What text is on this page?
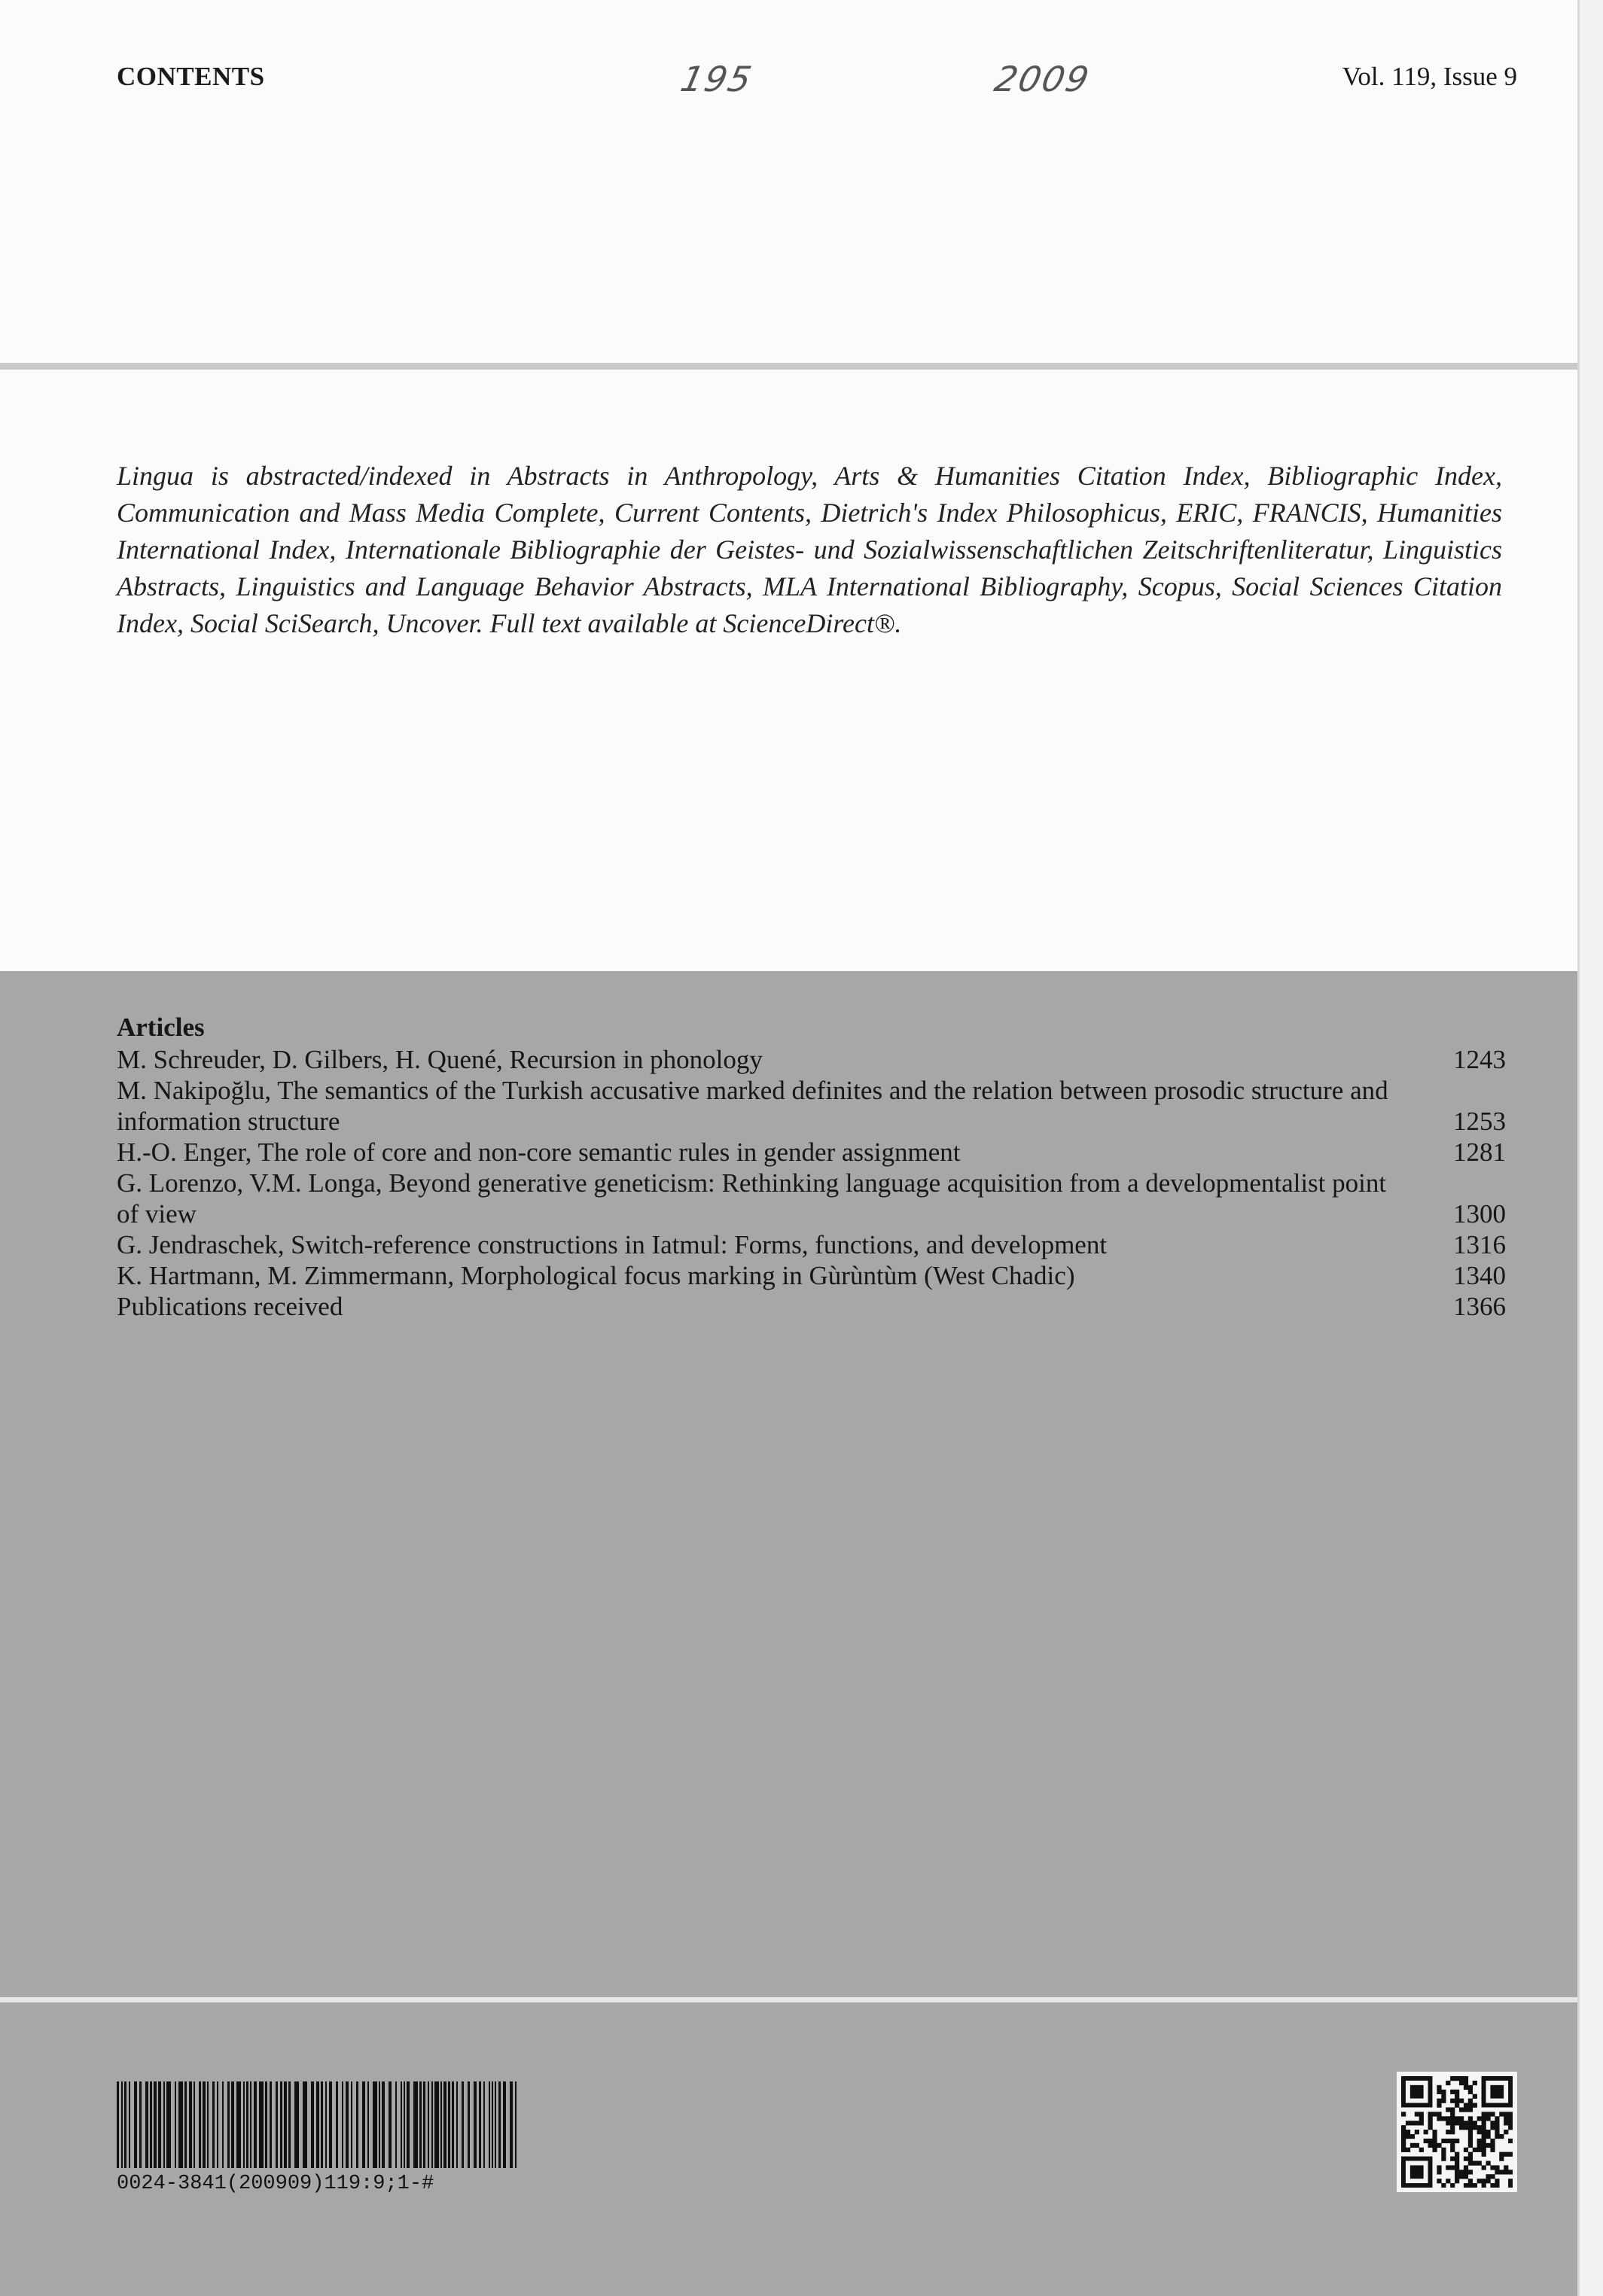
CONTENTS	195	2009	Vol. 119, Issue 9
Lingua is abstracted/indexed in Abstracts in Anthropology, Arts & Humanities Citation Index, Bibliographic Index, Communication and Mass Media Complete, Current Contents, Dietrich's Index Philosophicus, ERIC, FRANCIS, Humanities International Index, Internationale Bibliographie der Geistes- und Sozialwissenschaftlichen Zeitschriftenliteratur, Linguistics Abstracts, Linguistics and Language Behavior Abstracts, MLA International Bibliography, Scopus, Social Sciences Citation Index, Social SciSearch, Uncover. Full text available at ScienceDirect®.
Articles
M. Schreuder, D. Gilbers, H. Quené, Recursion in phonology	1243
M. Nakipoğlu, The semantics of the Turkish accusative marked definites and the relation between prosodic structure and information structure	1253
H.-O. Enger, The role of core and non-core semantic rules in gender assignment	1281
G. Lorenzo, V.M. Longa, Beyond generative geneticism: Rethinking language acquisition from a developmentalist point of view	1300
G. Jendraschek, Switch-reference constructions in Iatmul: Forms, functions, and development	1316
K. Hartmann, M. Zimmermann, Morphological focus marking in Gùrùntùm (West Chadic)	1340
Publications received	1366
0024-3841(200909)119:9;1-#
